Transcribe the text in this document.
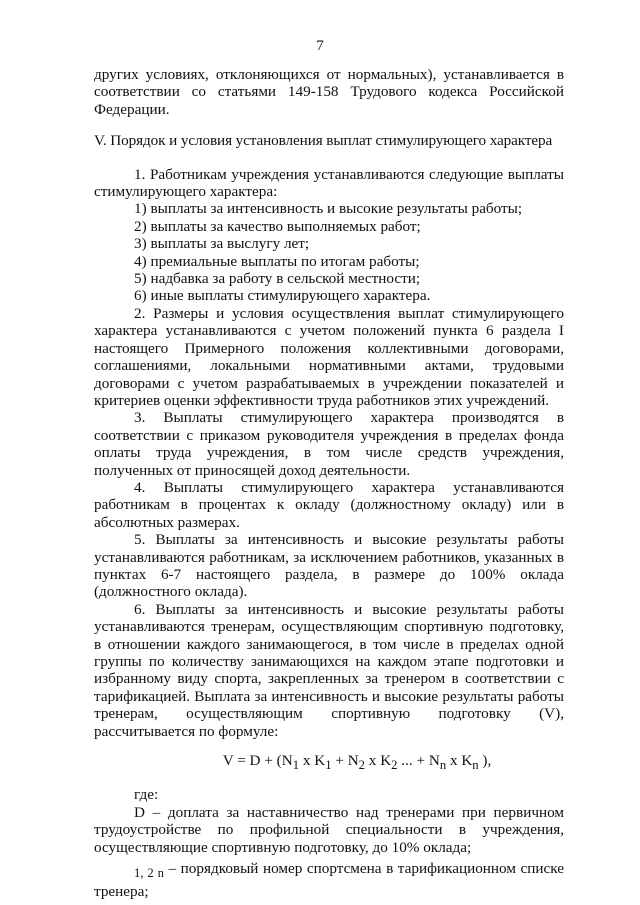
7

других условиях, отклоняющихся от нормальных), устанавливается в соответствии со статьями 149-158 Трудового кодекса Российской Федерации.

V. Порядок и условия установления выплат стимулирующего характера

1. Работникам учреждения устанавливаются следующие выплаты стимулирующего характера:

1) выплаты за интенсивность и высокие результаты работы;

2) выплаты за качество выполняемых работ;

3) выплаты за выслугу лет;

4) премиальные выплаты по итогам работы;

5) надбавка за работу в сельской местности;

6) иные выплаты стимулирующего характера.

2. Размеры и условия осуществления выплат стимулирующего характера устанавливаются с учетом положений пункта 6 раздела I настоящего Примерного положения коллективными договорами, соглашениями, локальными нормативными актами, трудовыми договорами с учетом разрабатываемых в учреждении показателей и критериев оценки эффективности труда работников этих учреждений.

3. Выплаты стимулирующего характера производятся в соответствии с приказом руководителя учреждения в пределах фонда оплаты труда учреждения, в том числе средств учреждения, полученных от приносящей доход деятельности.

4. Выплаты стимулирующего характера устанавливаются работникам в процентах к окладу (должностному окладу) или в абсолютных размерах.

5. Выплаты за интенсивность и высокие результаты работы устанавливаются работникам, за исключением работников, указанных в пунктах 6-7 настоящего раздела, в размере до 100% оклада (должностного оклада).

6. Выплаты за интенсивность и высокие результаты работы устанавливаются тренерам, осуществляющим спортивную подготовку, в отношении каждого занимающегося, в том числе в пределах одной группы по количеству занимающихся на каждом этапе подготовки и избранному виду спорта, закрепленных за тренером в соответствии с тарификацией. Выплата за интенсивность и высокие результаты работы тренерам, осуществляющим спортивную подготовку (V), рассчитывается по формуле:

$V = D + (N_1$ х $K_1 + N_2$ х $K_2$ ... + $N_n$ х $K_n$ ),

где:

D – доплата за наставничество над тренерами при первичном трудоустройстве по профильной специальности в учреждения, осуществляющие спортивную подготовку, до 10% оклада;

$_{1, 2 n}$ – порядковый номер спортсмена в тарификационном списке тренера;
